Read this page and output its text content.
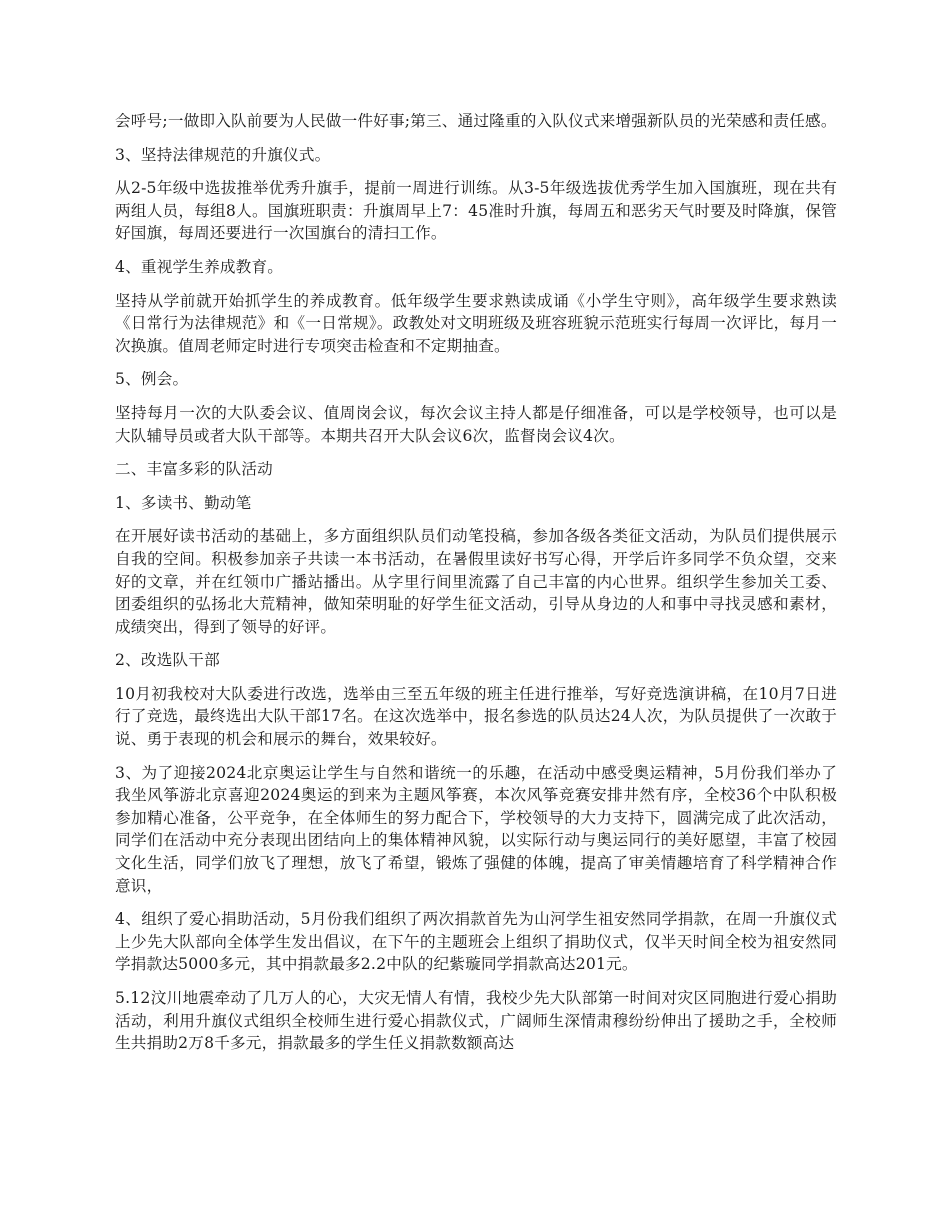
会呼号;一做即入队前要为人民做一件好事;第三、通过隆重的入队仪式来增强新队员的光荣感和责任感。

3、坚持法律规范的升旗仪式。

从2-5年级中选拔推举优秀升旗手，提前一周进行训练。从3-5年级选拔优秀学生加入国旗班，现在共有两组人员，每组8人。国旗班职责：升旗周早上7：45准时升旗，每周五和恶劣天气时要及时降旗，保管好国旗，每周还要进行一次国旗台的清扫工作。

4、重视学生养成教育。

坚持从学前就开始抓学生的养成教育。低年级学生要求熟读成诵《小学生守则》，高年级学生要求熟读《日常行为法律规范》和《一日常规》。政教处对文明班级及班容班貌示范班实行每周一次评比，每月一次换旗。值周老师定时进行专项突击检查和不定期抽查。

5、例会。

坚持每月一次的大队委会议、值周岗会议，每次会议主持人都是仔细准备，可以是学校领导，也可以是大队辅导员或者大队干部等。本期共召开大队会议6次，监督岗会议4次。

二、丰富多彩的队活动

1、多读书、勤动笔

在开展好读书活动的基础上，多方面组织队员们动笔投稿，参加各级各类征文活动，为队员们提供展示自我的空间。积极参加亲子共读一本书活动，在暑假里读好书写心得，开学后许多同学不负众望，交来好的文章，并在红领巾广播站播出。从字里行间里流露了自己丰富的内心世界。组织学生参加关工委、团委组织的弘扬北大荒精神，做知荣明耻的好学生征文活动，引导从身边的人和事中寻找灵感和素材，成绩突出，得到了领导的好评。

2、改选队干部

10月初我校对大队委进行改选，选举由三至五年级的班主任进行推举，写好竞选演讲稿，在10月7日进行了竞选，最终选出大队干部17名。在这次选举中，报名参选的队员达24人次，为队员提供了一次敢于说、勇于表现的机会和展示的舞台，效果较好。

3、为了迎接2024北京奥运让学生与自然和谐统一的乐趣，在活动中感受奥运精神，5月份我们举办了我坐风筝游北京喜迎2024奥运的到来为主题风筝赛，本次风筝竞赛安排井然有序，全校36个中队积极参加精心准备，公平竞争，在全体师生的努力配合下，学校领导的大力支持下，圆满完成了此次活动，同学们在活动中充分表现出团结向上的集体精神风貌，以实际行动与奥运同行的美好愿望，丰富了校园文化生活，同学们放飞了理想，放飞了希望，锻炼了强健的体魄，提高了审美情趣培育了科学精神合作意识，

4、组织了爱心捐助活动，5月份我们组织了两次捐款首先为山河学生祖安然同学捐款，在周一升旗仪式上少先大队部向全体学生发出倡议，在下午的主题班会上组织了捐助仪式，仅半天时间全校为祖安然同学捐款达5000多元，其中捐款最多2.2中队的纪紫璇同学捐款高达201元。

5.12汶川地震牵动了几万人的心，大灾无情人有情，我校少先大队部第一时间对灾区同胞进行爱心捐助活动，利用升旗仪式组织全校师生进行爱心捐款仪式，广阔师生深情肃穆纷纷伸出了援助之手，全校师生共捐助2万8千多元，捐款最多的学生任义捐款数额高达
